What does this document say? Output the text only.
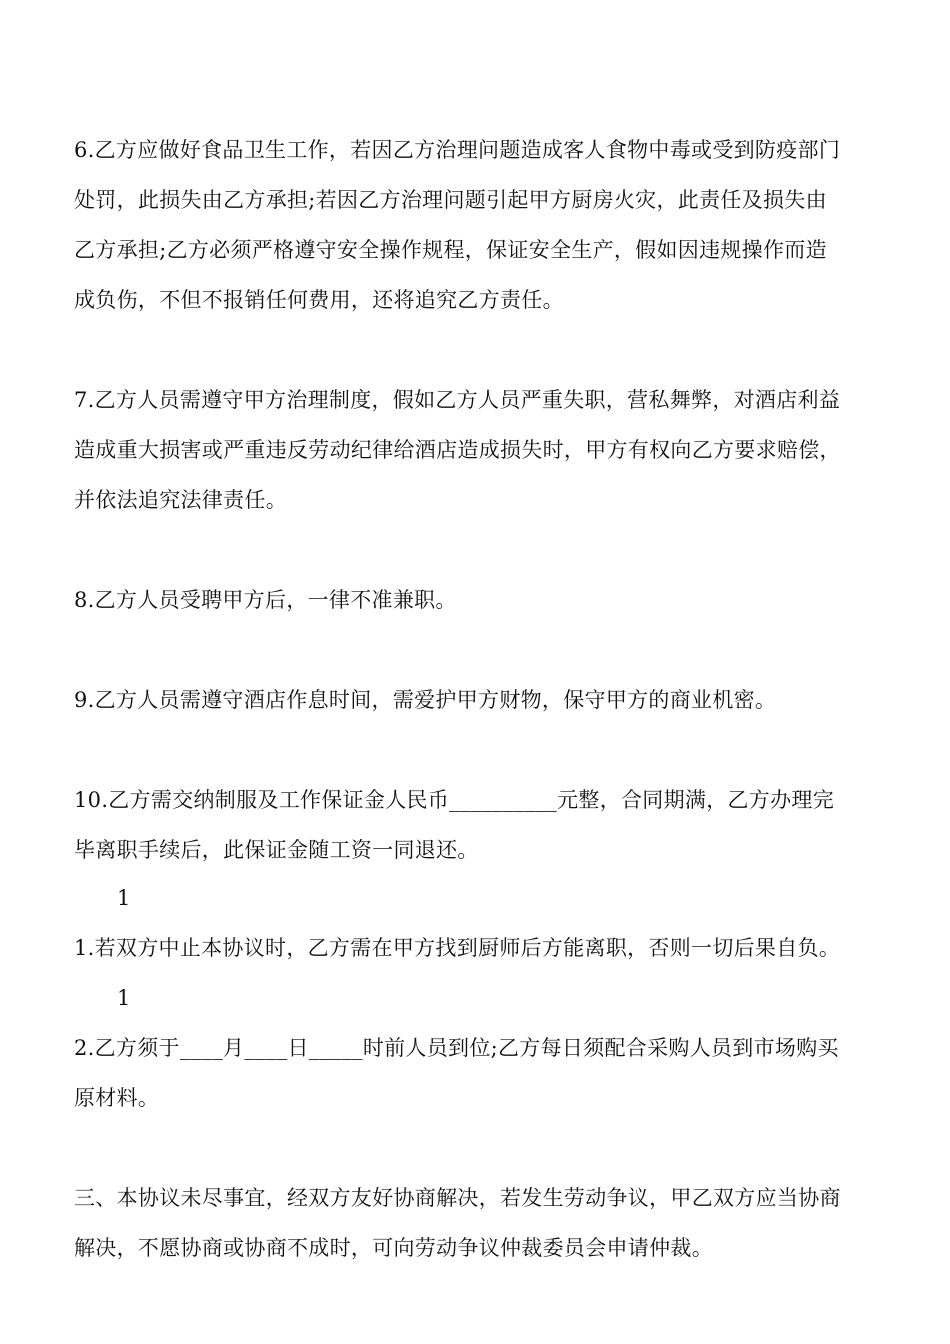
6.乙方应做好食品卫生工作，若因乙方治理问题造成客人食物中毒或受到防疫部门
处罚，此损失由乙方承担;若因乙方治理问题引起甲方厨房火灾，此责任及损失由
乙方承担;乙方必须严格遵守安全操作规程，保证安全生产，假如因违规操作而造
成负伤，不但不报销任何费用，还将追究乙方责任。
7.乙方人员需遵守甲方治理制度，假如乙方人员严重失职，营私舞弊，对酒店利益
造成重大损害或严重违反劳动纪律给酒店造成损失时，甲方有权向乙方要求赔偿，
并依法追究法律责任。
8.乙方人员受聘甲方后，一律不准兼职。
9.乙方人员需遵守酒店作息时间，需爱护甲方财物，保守甲方的商业机密。
10.乙方需交纳制服及工作保证金人民币__________元整，合同期满，乙方办理完
毕离职手续后，此保证金随工资一同退还。
1
1.若双方中止本协议时，乙方需在甲方找到厨师后方能离职，否则一切后果自负。
1
2.乙方须于____月____日_____时前人员到位;乙方每日须配合采购人员到市场购买
原材料。
三、本协议未尽事宜，经双方友好协商解决，若发生劳动争议，甲乙双方应当协商
解决，不愿协商或协商不成时，可向劳动争议仲裁委员会申请仲裁。
